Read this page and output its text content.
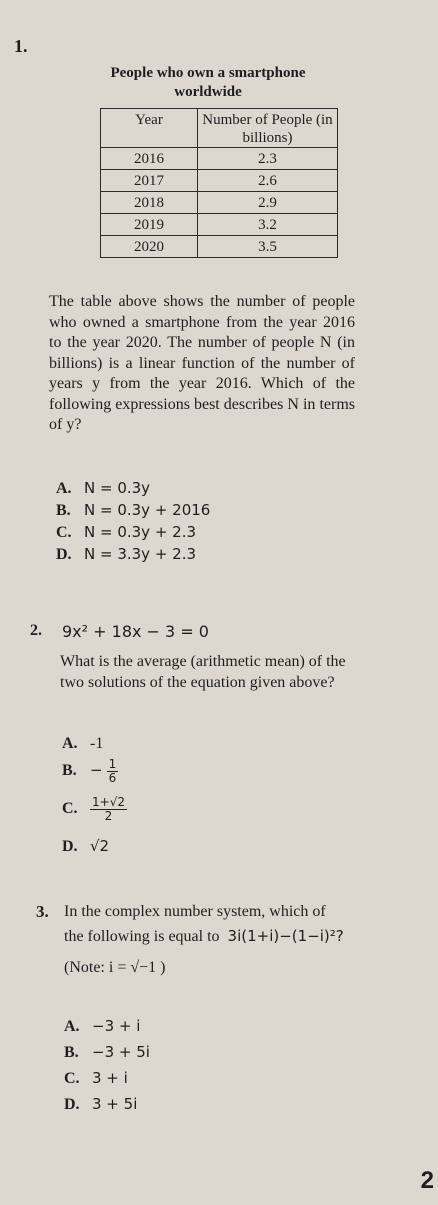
1.
People who own a smartphone
worldwide
Year	Number of People (in billions)
2016	2.3
2017	2.6
2018	2.9
2019	3.2
2020	3.5
The table above shows the number of people who owned a smartphone from the year 2016 to the year 2020. The number of people N (in billions) is a linear function of the number of years y from the year 2016. Which of the following expressions best describes N in terms of y?
A. N = 0.3y
B. N = 0.3y + 2016
C. N = 0.3y + 2.3
D. N = 3.3y + 2.3
2. 9x² + 18x − 3 = 0
What is the average (arithmetic mean) of the two solutions of the equation given above?
A. -1
B. − $\frac{1}{6}$
C. $\frac{1+√2}{2}$
D. √2
3. In the complex number system, which of
the following is equal to 3i(1+i)−(1−i)²?
(Note: i = √−1 )
A. −3 + i
B. −3 + 5i
C. 3 + i
D. 3 + 5i
2
